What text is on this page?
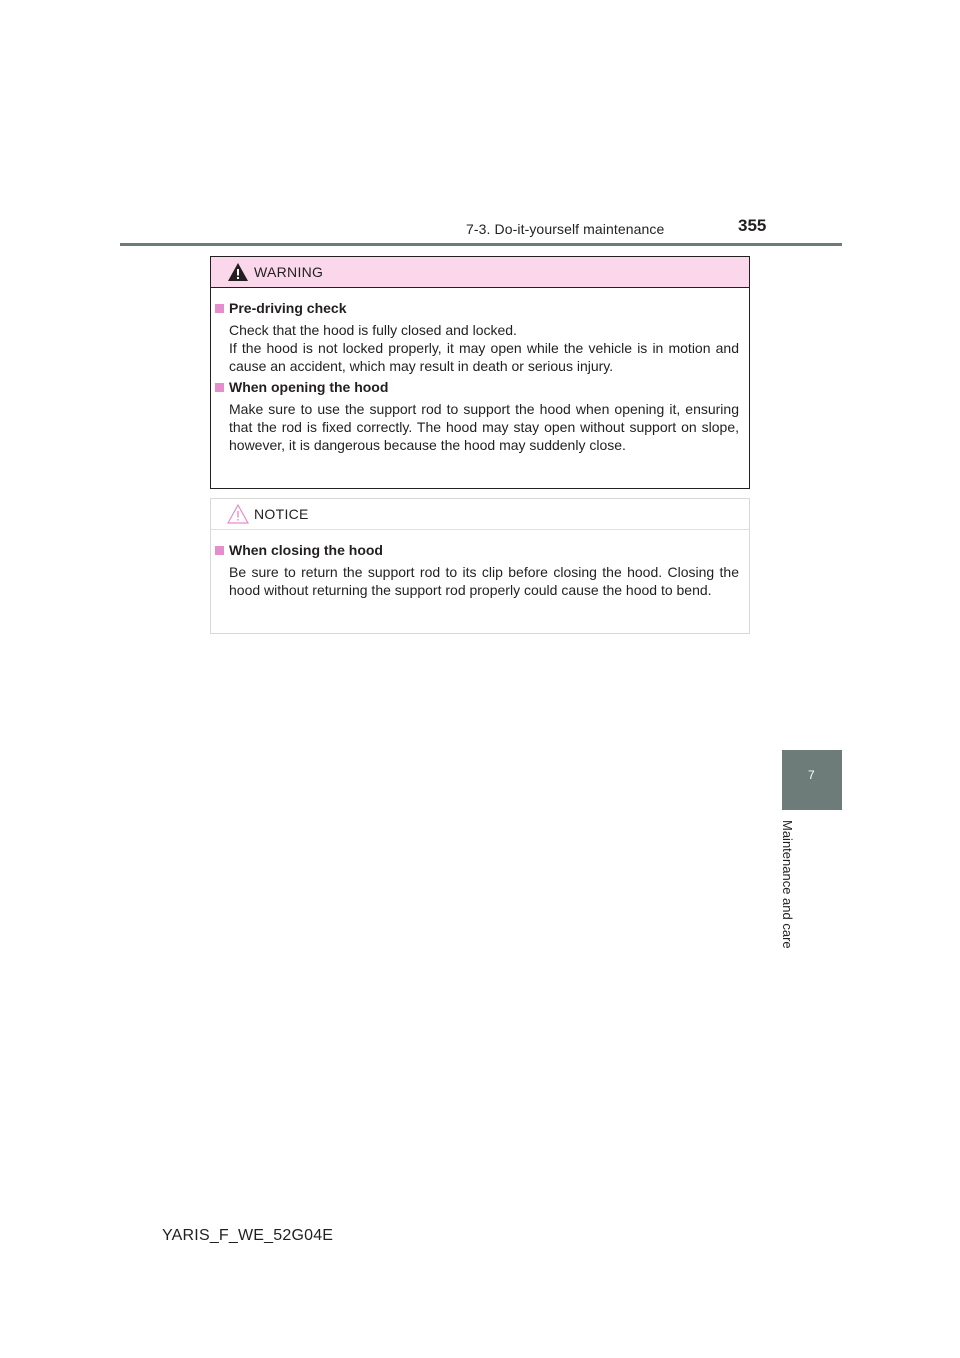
7-3. Do-it-yourself maintenance	355
7
Maintenance and care
WARNING
Pre-driving check
Check that the hood is fully closed and locked.
If the hood is not locked properly, it may open while the vehicle is in motion and cause an accident, which may result in death or serious injury.
When opening the hood
Make sure to use the support rod to support the hood when opening it, ensuring that the rod is fixed correctly. The hood may stay open without support on slope, however, it is dangerous because the hood may suddenly close.
NOTICE
When closing the hood
Be sure to return the support rod to its clip before closing the hood. Closing the hood without returning the support rod properly could cause the hood to bend.
YARIS_F_WE_52G04E
